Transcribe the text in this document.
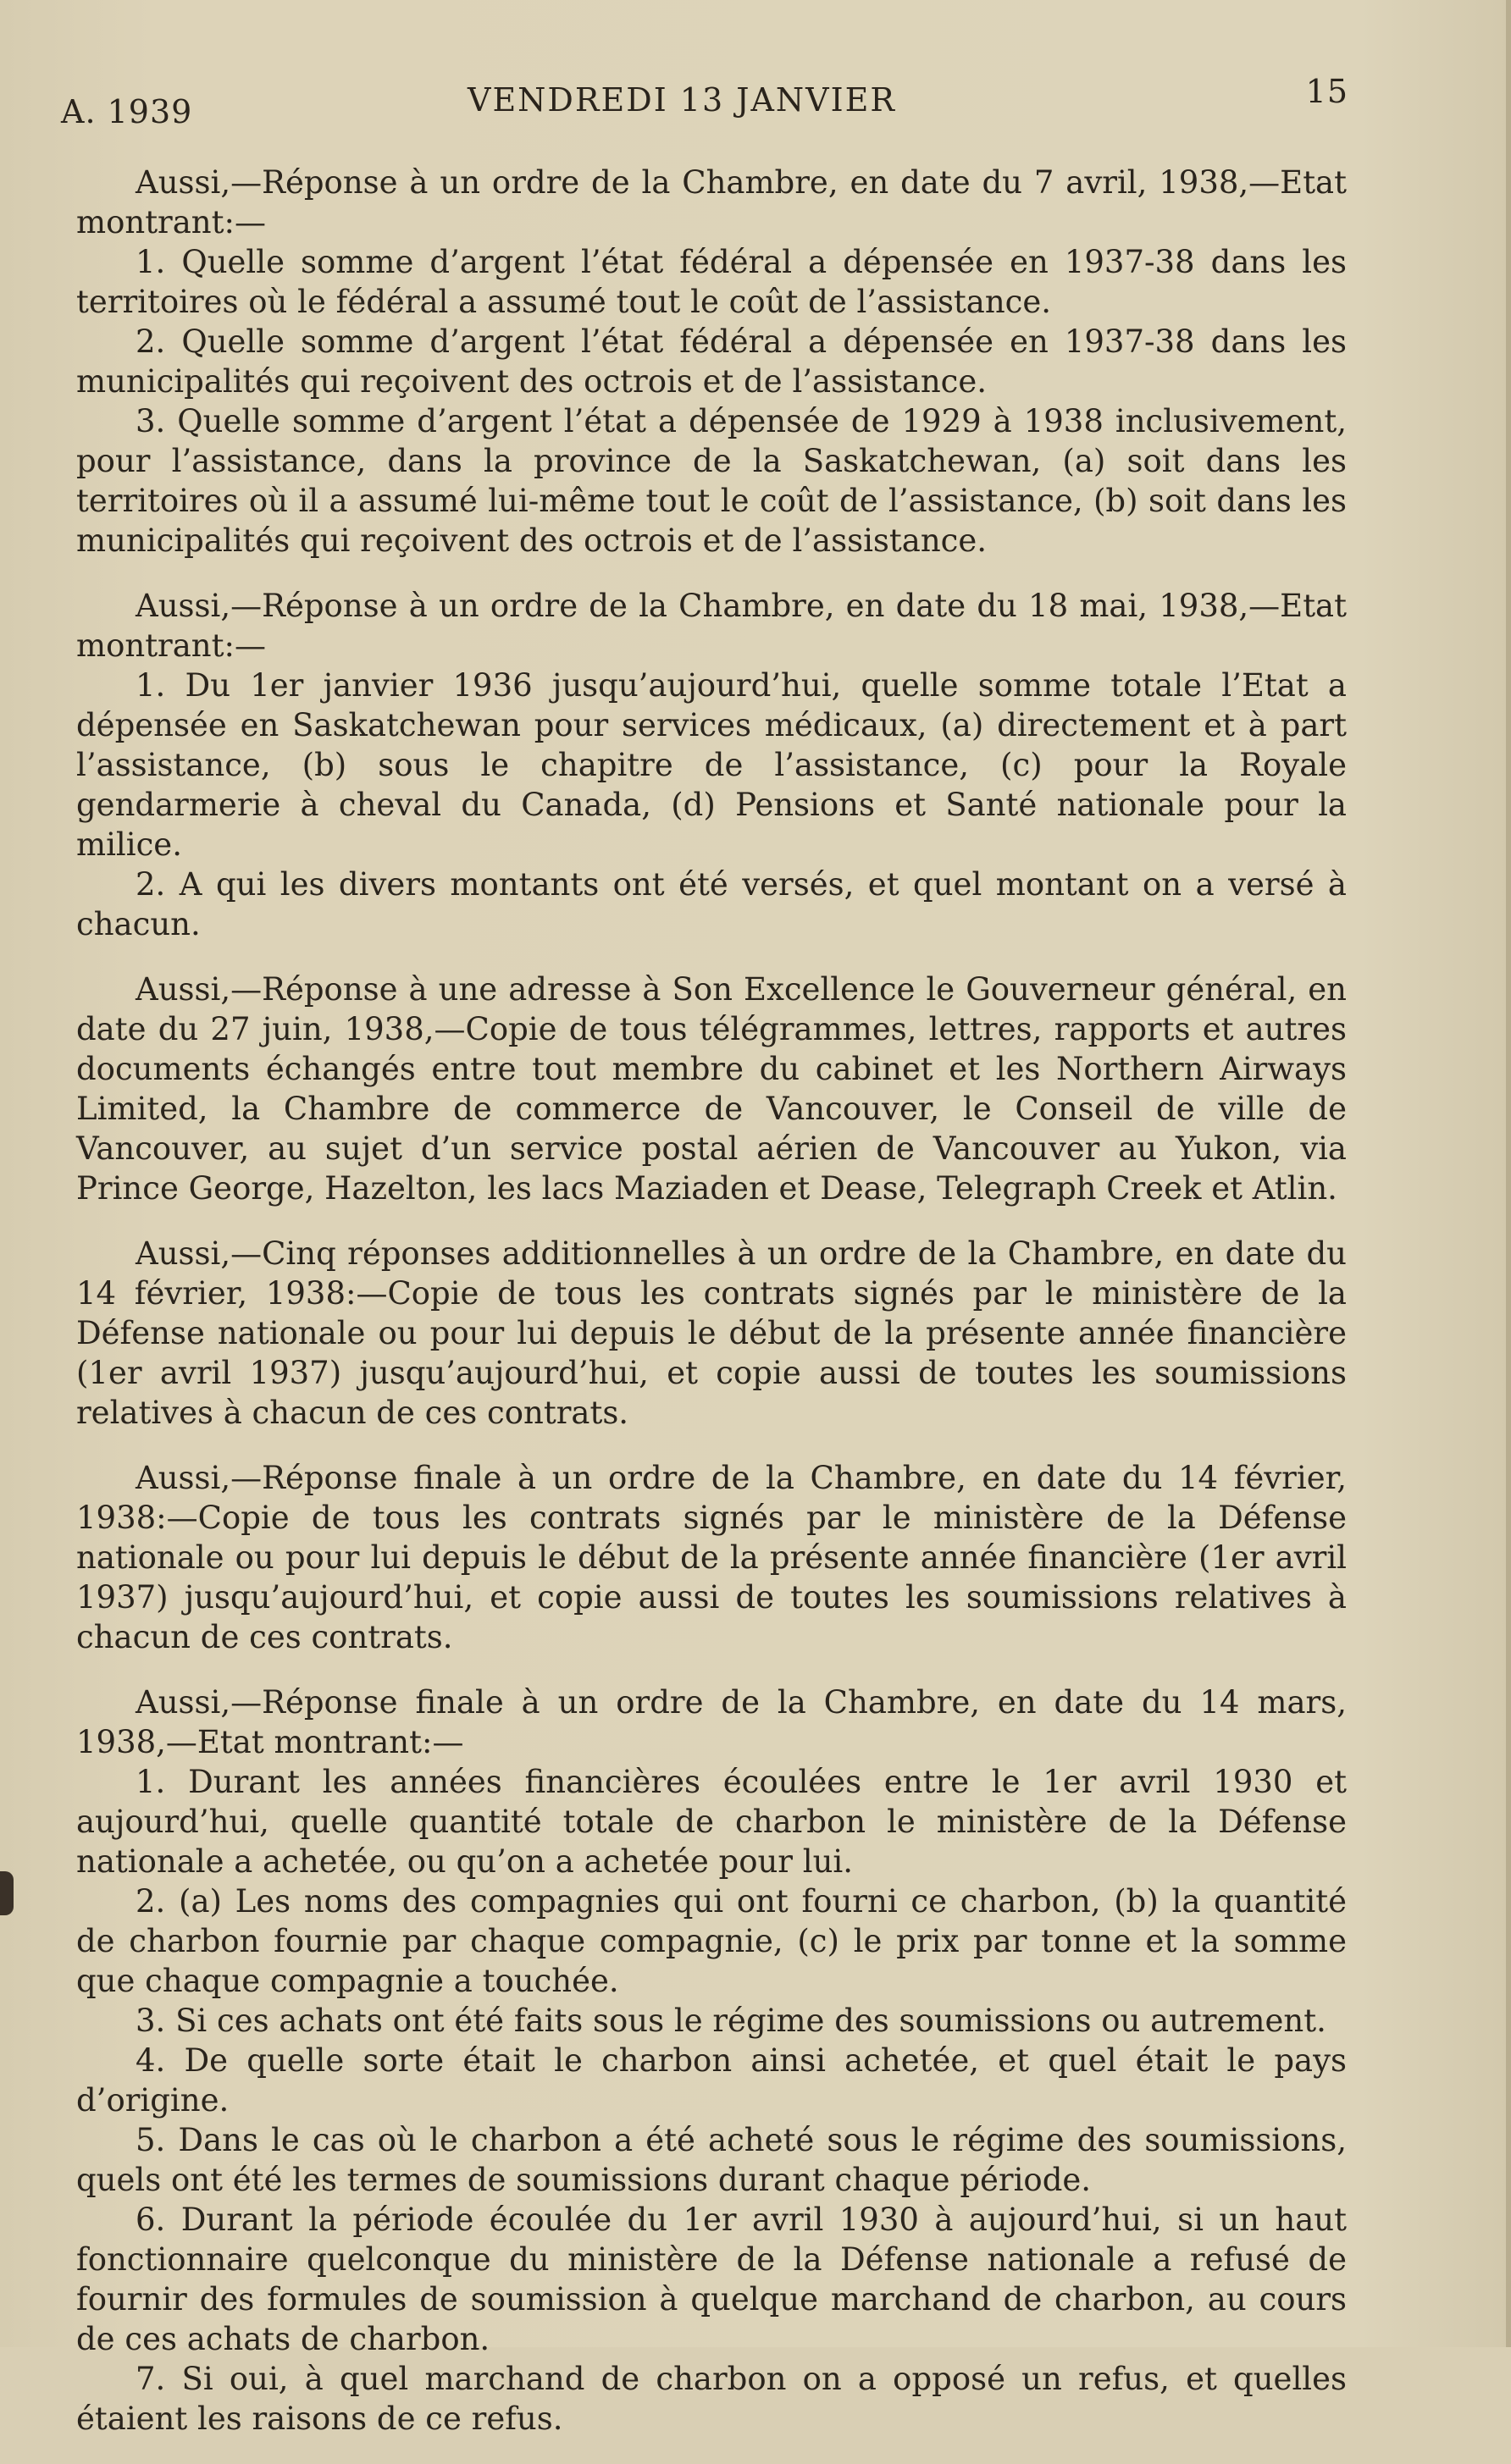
A. 1939	VENDREDI 13 JANVIER	15

Aussi,—Réponse à un ordre de la Chambre, en date du 7 avril, 1938,—Etat montrant:—

1. Quelle somme d’argent l’état fédéral a dépensée en 1937-38 dans les territoires où le fédéral a assumé tout le coût de l’assistance.

2. Quelle somme d’argent l’état fédéral a dépensée en 1937-38 dans les municipalités qui reçoivent des octrois et de l’assistance.

3. Quelle somme d’argent l’état a dépensée de 1929 à 1938 inclusivement, pour l’assistance, dans la province de la Saskatchewan, (a) soit dans les territoires où il a assumé lui-même tout le coût de l’assistance, (b) soit dans les municipalités qui reçoivent des octrois et de l’assistance.

Aussi,—Réponse à un ordre de la Chambre, en date du 18 mai, 1938,—Etat montrant:—

1. Du 1er janvier 1936 jusqu’aujourd’hui, quelle somme totale l’Etat a dépensée en Saskatchewan pour services médicaux, (a) directement et à part l’assistance, (b) sous le chapitre de l’assistance, (c) pour la Royale gendarmerie à cheval du Canada, (d) Pensions et Santé nationale pour la milice.

2. A qui les divers montants ont été versés, et quel montant on a versé à chacun.

Aussi,—Réponse à une adresse à Son Excellence le Gouverneur général, en date du 27 juin, 1938,—Copie de tous télégrammes, lettres, rapports et autres documents échangés entre tout membre du cabinet et les Northern Airways Limited, la Chambre de commerce de Vancouver, le Conseil de ville de Vancouver, au sujet d’un service postal aérien de Vancouver au Yukon, via Prince George, Hazelton, les lacs Maziaden et Dease, Telegraph Creek et Atlin.

Aussi,—Cinq réponses additionnelles à un ordre de la Chambre, en date du 14 février, 1938:—Copie de tous les contrats signés par le ministère de la Défense nationale ou pour lui depuis le début de la présente année financière (1er avril 1937) jusqu’aujourd’hui, et copie aussi de toutes les soumissions relatives à chacun de ces contrats.

Aussi,—Réponse finale à un ordre de la Chambre, en date du 14 février, 1938:—Copie de tous les contrats signés par le ministère de la Défense nationale ou pour lui depuis le début de la présente année financière (1er avril 1937) jusqu’aujourd’hui, et copie aussi de toutes les soumissions relatives à chacun de ces contrats.

Aussi,—Réponse finale à un ordre de la Chambre, en date du 14 mars, 1938,—Etat montrant:—

1. Durant les années financières écoulées entre le 1er avril 1930 et aujourd’hui, quelle quantité totale de charbon le ministère de la Défense nationale a achetée, ou qu’on a achetée pour lui.

2. (a) Les noms des compagnies qui ont fourni ce charbon, (b) la quantité de charbon fournie par chaque compagnie, (c) le prix par tonne et la somme que chaque compagnie a touchée.

3. Si ces achats ont été faits sous le régime des soumissions ou autrement.

4. De quelle sorte était le charbon ainsi achetée, et quel était le pays d’origine.

5. Dans le cas où le charbon a été acheté sous le régime des soumissions, quels ont été les termes de soumissions durant chaque période.

6. Durant la période écoulée du 1er avril 1930 à aujourd’hui, si un haut fonctionnaire quelconque du ministère de la Défense nationale a refusé de fournir des formules de soumission à quelque marchand de charbon, au cours de ces achats de charbon.

7. Si oui, à quel marchand de charbon on a opposé un refus, et quelles étaient les raisons de ce refus.
